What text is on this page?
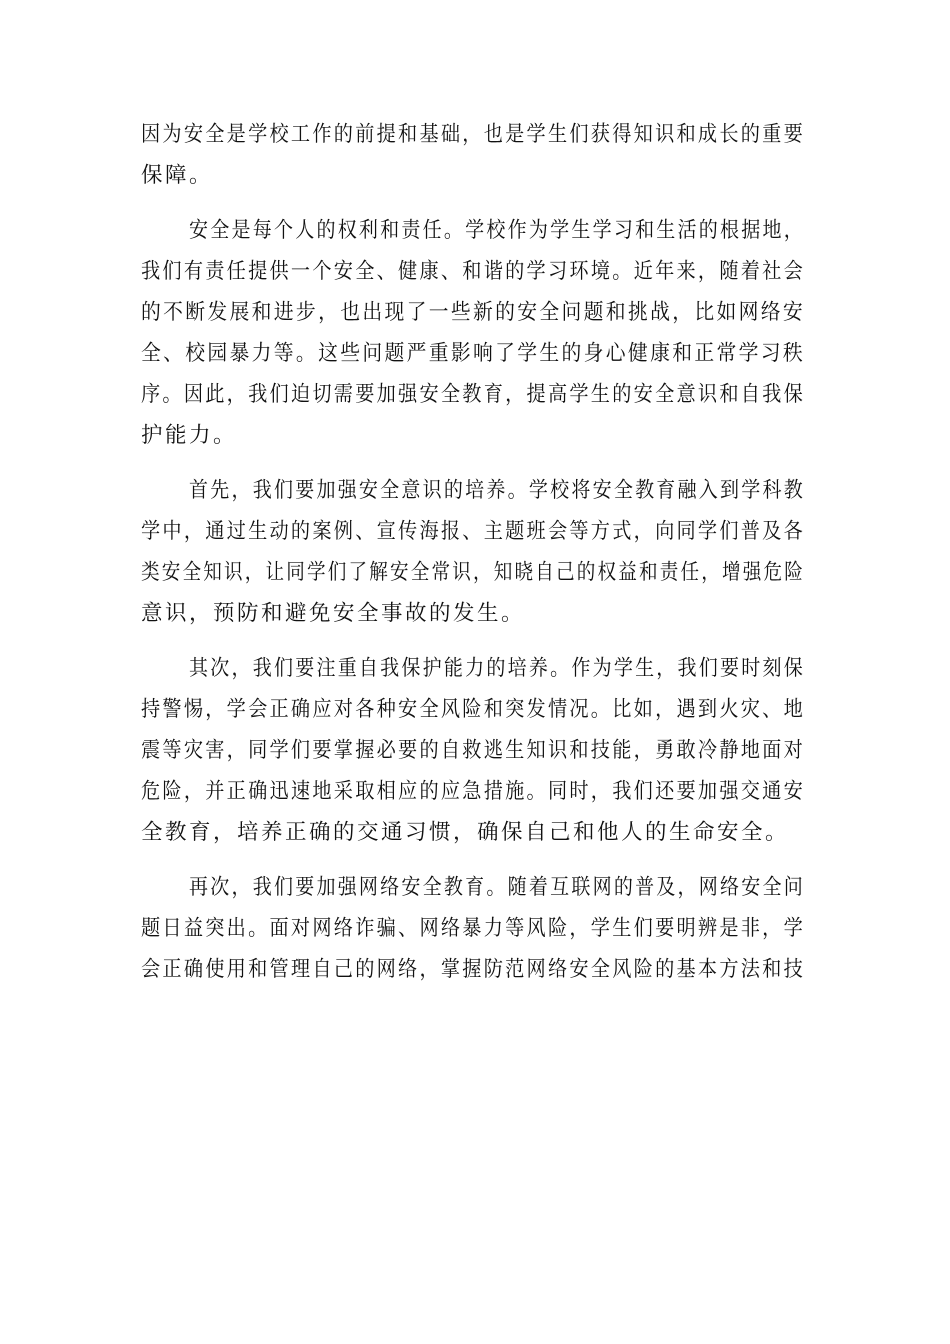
因为安全是学校工作的前提和基础，也是学生们获得知识和成长的重要
保障。
安全是每个人的权利和责任。学校作为学生学习和生活的根据地，
我们有责任提供一个安全、健康、和谐的学习环境。近年来，随着社会
的不断发展和进步，也出现了一些新的安全问题和挑战，比如网络安
全、校园暴力等。这些问题严重影响了学生的身心健康和正常学习秩
序。因此，我们迫切需要加强安全教育，提高学生的安全意识和自我保
护能力。
首先，我们要加强安全意识的培养。学校将安全教育融入到学科教
学中，通过生动的案例、宣传海报、主题班会等方式，向同学们普及各
类安全知识，让同学们了解安全常识，知晓自己的权益和责任，增强危险
意识，预防和避免安全事故的发生。
其次，我们要注重自我保护能力的培养。作为学生，我们要时刻保
持警惕，学会正确应对各种安全风险和突发情况。比如，遇到火灾、地
震等灾害，同学们要掌握必要的自救逃生知识和技能，勇敢冷静地面对
危险，并正确迅速地采取相应的应急措施。同时，我们还要加强交通安
全教育，培养正确的交通习惯，确保自己和他人的生命安全。
再次，我们要加强网络安全教育。随着互联网的普及，网络安全问
题日益突出。面对网络诈骗、网络暴力等风险，学生们要明辨是非，学
会正确使用和管理自己的网络，掌握防范网络安全风险的基本方法和技
